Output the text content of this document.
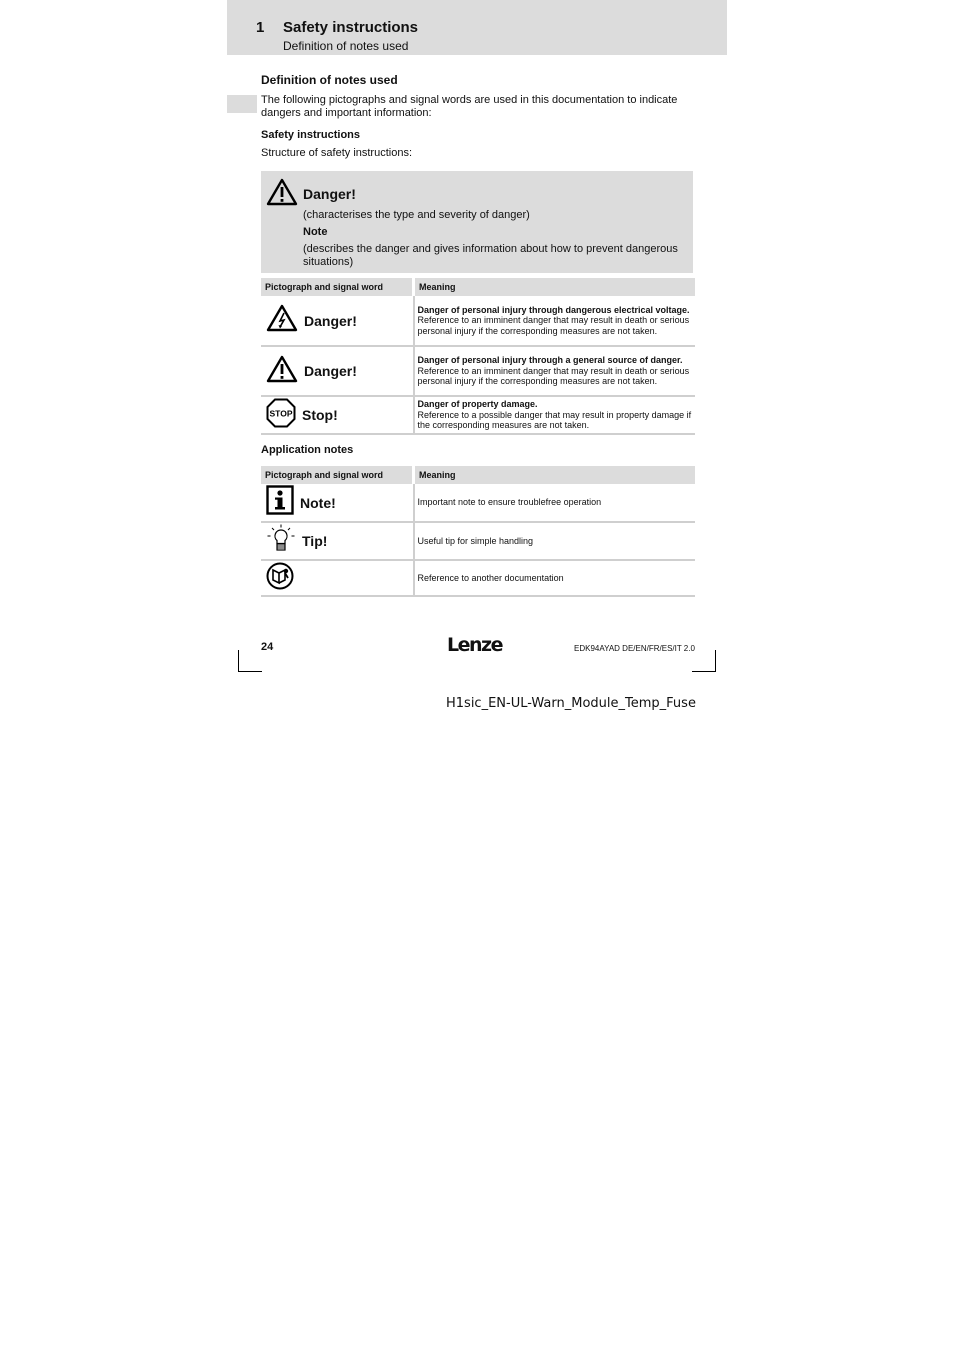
1 Safety instructions
Definition of notes used
Definition of notes used
The following pictographs and signal words are used in this documentation to indicate dangers and important information:
Safety instructions
Structure of safety instructions:
Danger!
(characterises the type and severity of danger)
Note
(describes the danger and gives information about how to prevent dangerous situations)
Pictograph and signal word	Meaning
Danger!	Danger of personal injury through dangerous electrical voltage.
Reference to an imminent danger that may result in death or serious personal injury if the corresponding measures are not taken.
Danger!	Danger of personal injury through a general source of danger.
Reference to an imminent danger that may result in death or serious personal injury if the corresponding measures are not taken.

STOP Stop!	Danger of property damage.
Reference to a possible danger that may result in property damage if the corresponding measures are not taken.
Application notes
Pictograph and signal word	Meaning
Note!	Important note to ensure troublefree operation
Tip!	Useful tip for simple handling
	Reference to another documentation
24	Lenze	EDK94AYAD DE/EN/FR/ES/IT 2.0
H1sic_EN-UL-Warn_Module_Temp_Fuse
